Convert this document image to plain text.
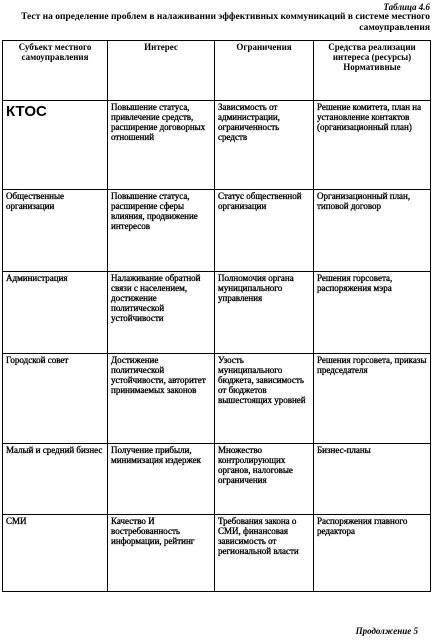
Таблица 4.6
Тест на определение проблем в налаживании эффективных коммуникаций в системе местного самоуправления
Субъект местного самоуправления	Интерес	Ограничения	Средства реализации интереса (ресурсы) Нормативные
КТОС	Повышение статуса, привлечение средств, расширение договорных отношений	Зависимость от администрации, ограниченность средств	Решение комитета, план на установление контактов (организационный план)
Общественные организации	Повышение статуса, расширение сферы влияния, продвижение интересов	Статус общественной организации	Организационный план, типовой договор
Администрация	Налаживание обратной связи с населением, достижение политической устойчивости	Полномочия органа муниципального управления	Решения горсовета, распоряжения мэра
Городской совет	Достижение политической устойчивости, авторитет принимаемых законов	Узость муниципального бюджета, зависимость от бюджетов вышестоящих уровней	Решения горсовета, приказы председателя
Малый и средний бизнес	Получение прибыли, минимизация издержек	Множество контролирующих органов, налоговые ограничения	Бизнес-планы
СМИ	Качество И востребованность информации, рейтинг	Требования закона о СМИ, финансовая зависимость от региональной власти	Распоряжения главного редактора
Продолжение 5
